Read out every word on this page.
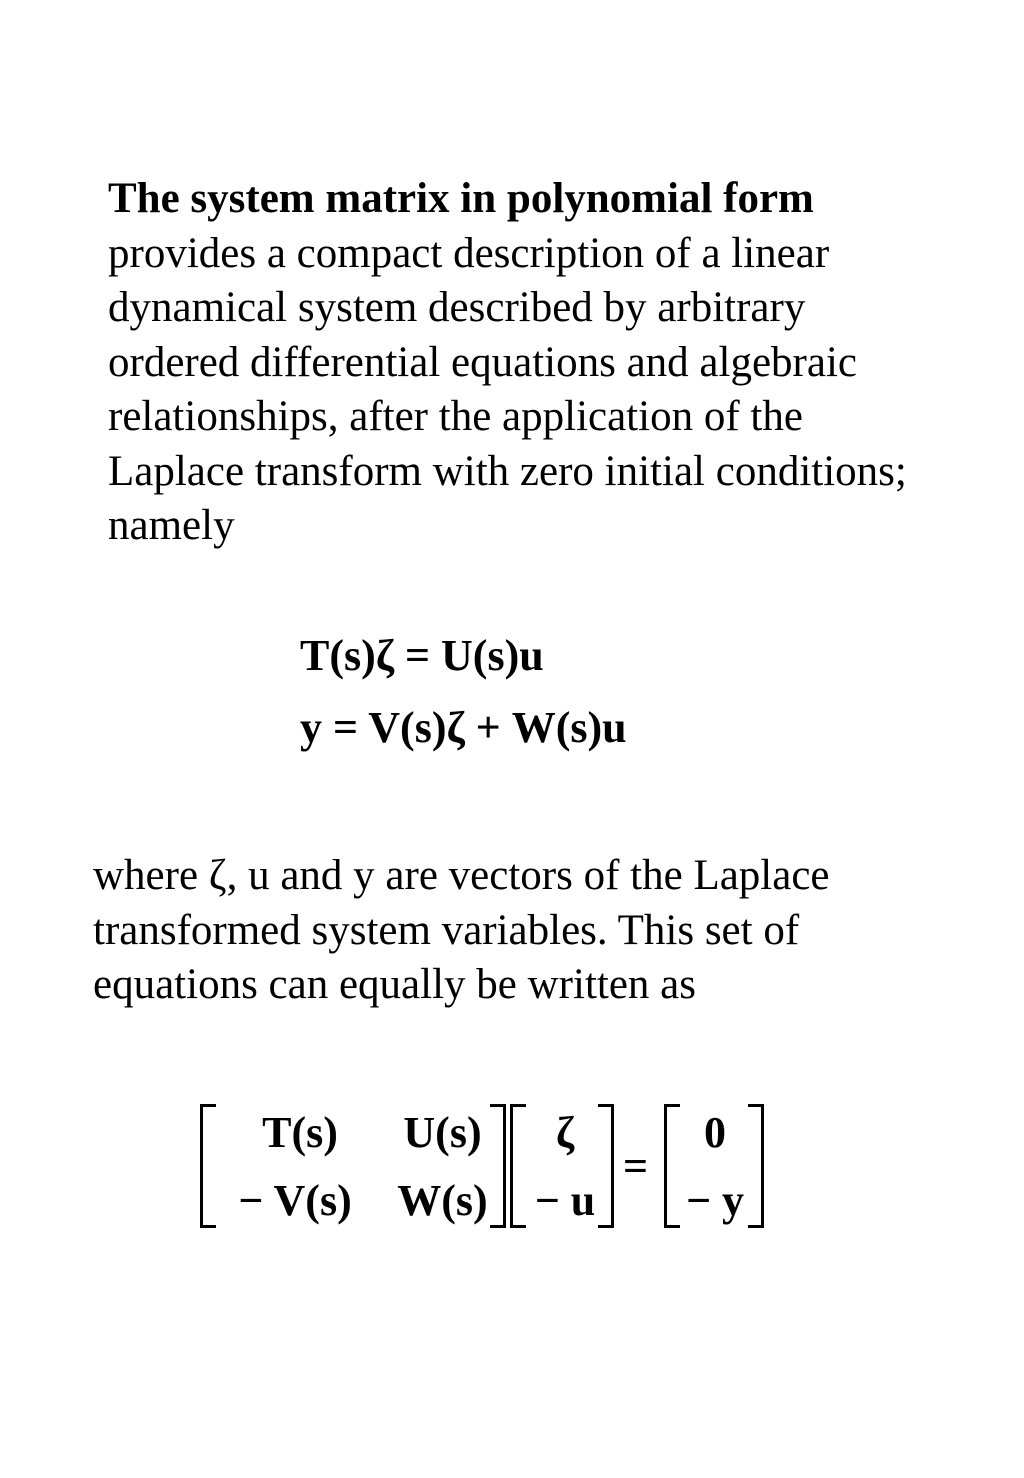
The system matrix in polynomial form
provides a compact description of a linear dynamical system described by arbitrary ordered differential equations and algebraic relationships, after the application of the Laplace transform with zero initial conditions; namely

T(s)ζ = U(s)u
y = V(s)ζ + W(s)u

where ζ, u and y are vectors of the Laplace transformed system variables. This set of equations can equally be written as

T(s)	U(s)
− V(s)	W(s)
ζ
− u
=
0
− y
